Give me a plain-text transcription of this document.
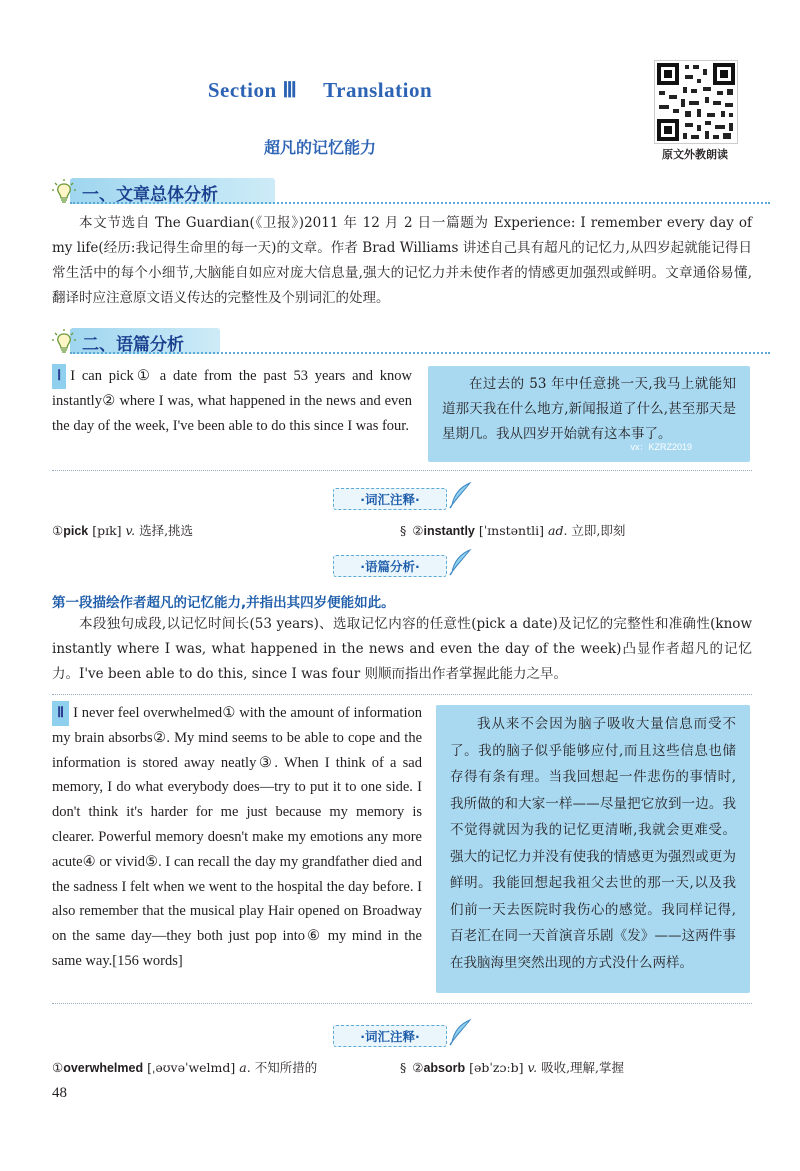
Section Ⅲ Translation
超凡的记忆能力	原文外教朗读
一、文章总体分析
本文节选自 The Guardian(《卫报》)2011 年 12 月 2 日一篇题为 Experience: I remember every day of my life(经历:我记得生命里的每一天)的文章。作者 Brad Williams 讲述自己具有超凡的记忆力,从四岁起就能记得日常生活中的每个小细节,大脑能自如应对庞大信息量,强大的记忆力并未使作者的情感更加强烈或鲜明。文章通俗易懂,翻译时应注意原文语义传达的完整性及个别词汇的处理。
二、语篇分析
Ⅰ I can pick① a date from the past 53 years and know instantly② where I was, what happened in the news and even the day of the week, I've been able to do this since I was four.
在过去的 53 年中任意挑一天,我马上就能知道那天我在什么地方,新闻报道了什么,甚至那天是星期几。我从四岁开始就有这本事了。
vx：KZRZ2019
·词汇注释·
①pick [pɪk] v. 选择,挑选	§ ②instantly [ˈɪnstəntli] ad. 立即,即刻
·语篇分析·
第一段描绘作者超凡的记忆能力,并指出其四岁便能如此。
本段独句成段,以记忆时间长(53 years)、选取记忆内容的任意性(pick a date)及记忆的完整性和准确性(know instantly where I was, what happened in the news and even the day of the week)凸显作者超凡的记忆力。I've been able to do this, since I was four 则顺而指出作者掌握此能力之早。
Ⅱ I never feel overwhelmed① with the amount of information my brain absorbs②. My mind seems to be able to cope and the information is stored away neatly③. When I think of a sad memory, I do what everybody does—try to put it to one side. I don't think it's harder for me just because my memory is clearer. Powerful memory doesn't make my emotions any more acute④ or vivid⑤. I can recall the day my grandfather died and the sadness I felt when we went to the hospital the day before. I also remember that the musical play Hair opened on Broadway on the same day—they both just pop into⑥ my mind in the same way.[156 words]
我从来不会因为脑子吸收大量信息而受不了。我的脑子似乎能够应付,而且这些信息也储存得有条有理。当我回想起一件悲伤的事情时,我所做的和大家一样——尽量把它放到一边。我不觉得就因为我的记忆更清晰,我就会更难受。强大的记忆力并没有使我的情感更为强烈或更为鲜明。我能回想起我祖父去世的那一天,以及我们前一天去医院时我伤心的感觉。我同样记得,百老汇在同一天首演音乐剧《发》——这两件事在我脑海里突然出现的方式没什么两样。
·词汇注释·
①overwhelmed [ˌəʊvəˈwelmd] a. 不知所措的	§ ②absorb [əbˈzɔːb] v. 吸收,理解,掌握
48
